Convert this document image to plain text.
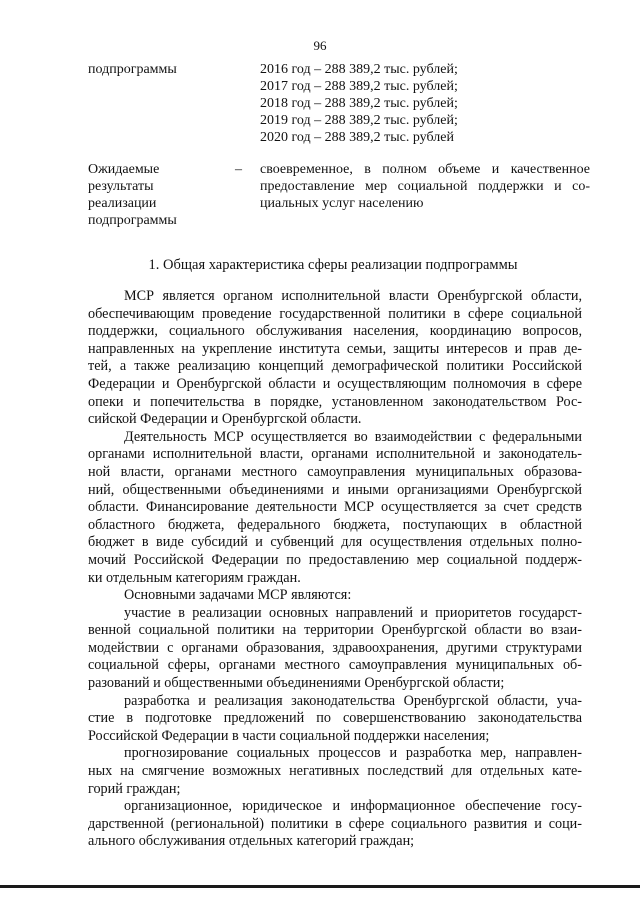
96
подпрограммы	2016 год – 288 389,2 тыс. рублей;
2017 год – 288 389,2 тыс. рублей;
2018 год – 288 389,2 тыс. рублей;
2019 год – 288 389,2 тыс. рублей;
2020 год – 288 389,2 тыс. рублей
Ожидаемые
результаты
реализации
подпрограммы
– своевременное, в полном объеме и качественное
предоставление мер социальной поддержки и со-
циальных услуг населению
1. Общая характеристика сферы реализации подпрограммы

МСР является органом исполнительной власти Оренбургской области,
обеспечивающим проведение государственной политики в сфере социальной
поддержки, социального обслуживания населения, координацию вопросов,
направленных на укрепление института семьи, защиты интересов и прав де-
тей, а также реализацию концепций демографической политики Российской
Федерации и Оренбургской области и осуществляющим полномочия в сфере
опеки и попечительства в порядке, установленном законодательством Рос-
сийской Федерации и Оренбургской области.

Деятельность МСР осуществляется во взаимодействии с федеральными
органами исполнительной власти, органами исполнительной и законодатель-
ной власти, органами местного самоуправления муниципальных образова-
ний, общественными объединениями и иными организациями Оренбургской
области. Финансирование деятельности МСР осуществляется за счет средств
областного бюджета, федерального бюджета, поступающих в областной
бюджет в виде субсидий и субвенций для осуществления отдельных полно-
мочий Российской Федерации по предоставлению мер социальной поддерж-
ки отдельным категориям граждан.

Основными задачами МСР являются:

участие в реализации основных направлений и приоритетов государст-
венной социальной политики на территории Оренбургской области во взаи-
модействии с органами образования, здравоохранения, другими структурами
социальной сферы, органами местного самоуправления муниципальных об-
разований и общественными объединениями Оренбургской области;

разработка и реализация законодательства Оренбургской области, уча-
стие в подготовке предложений по совершенствованию законодательства
Российской Федерации в части социальной поддержки населения;

прогнозирование социальных процессов и разработка мер, направлен-
ных на смягчение возможных негативных последствий для отдельных кате-
горий граждан;

организационное, юридическое и информационное обеспечение госу-
дарственной (региональной) политики в сфере социального развития и соци-
ального обслуживания отдельных категорий граждан;
